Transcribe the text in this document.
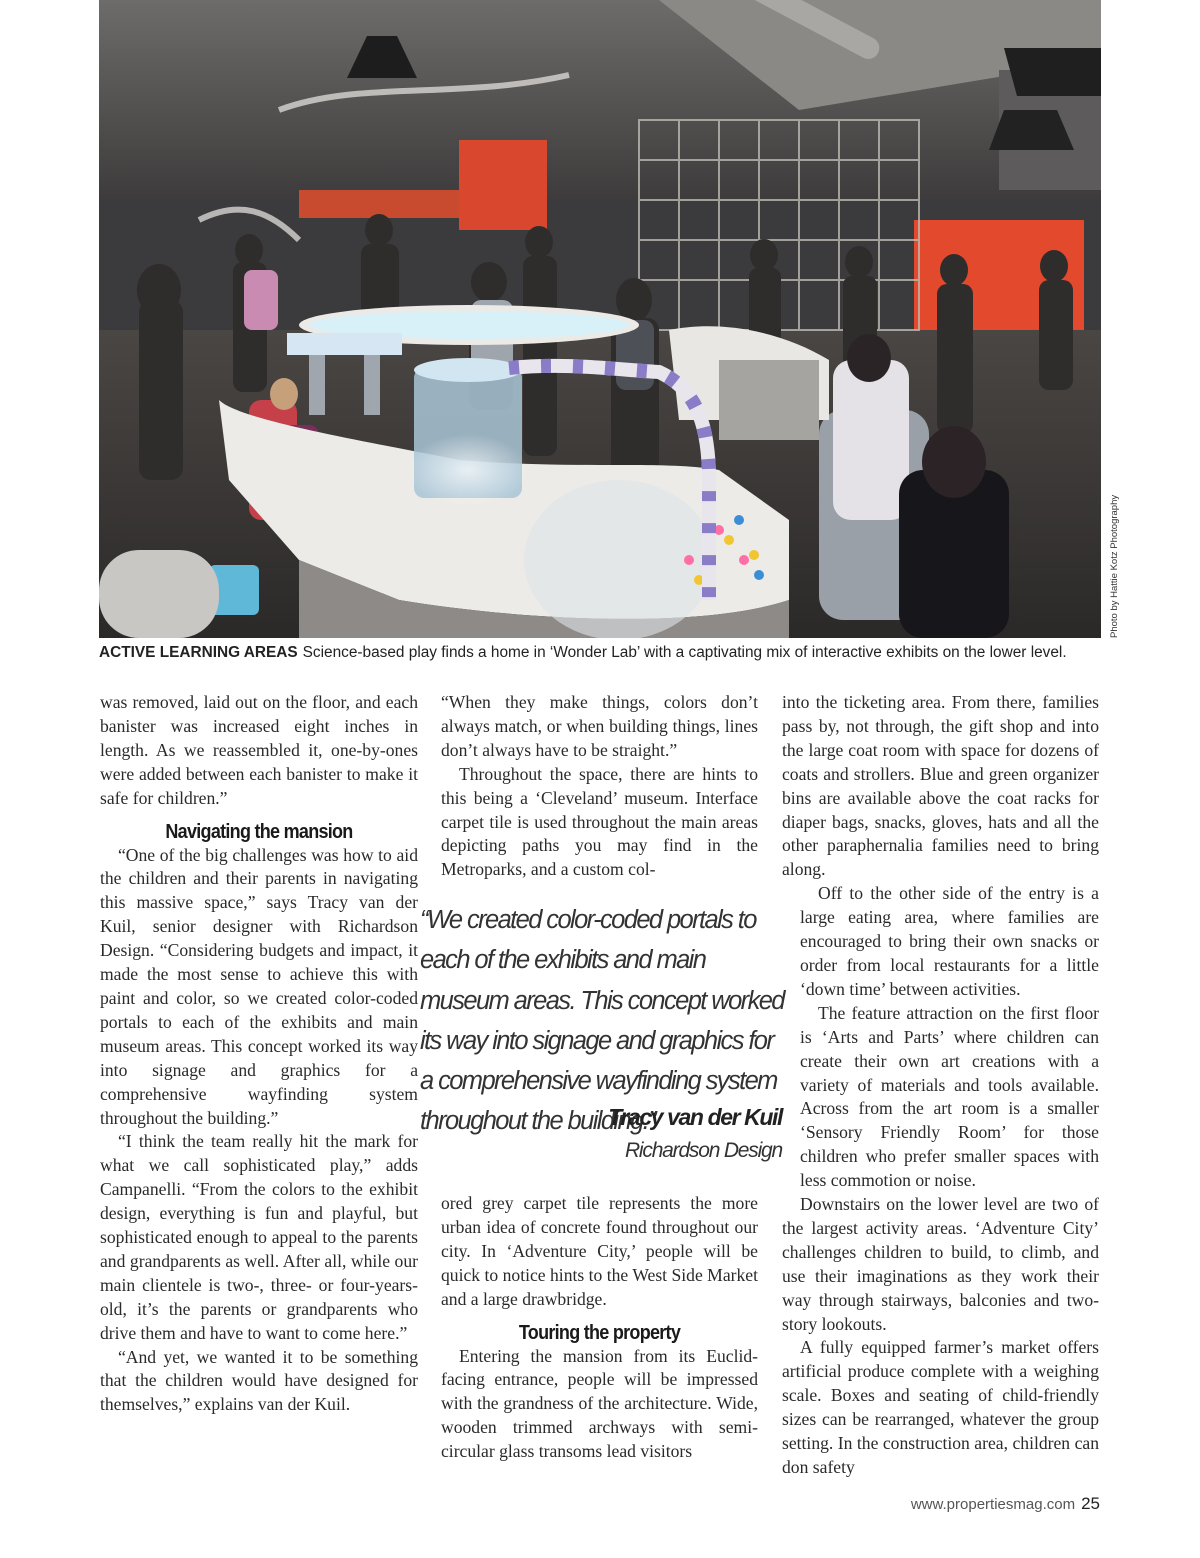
Photo by Hattie Kotz Photography
ACTIVE LEARNING AREAS Science-based play finds a home in ‘Wonder Lab’ with a captivating mix of interactive exhibits on the lower level.

was removed, laid out on the floor, and each banister was increased eight inches in length. As we reassembled it, one-by-ones were added between each banister to make it safe for children.”

Navigating the mansion

“One of the big challenges was how to aid the children and their parents in navigating this massive space,” says Tracy van der Kuil, senior designer with Richardson Design. “Considering budgets and impact, it made the most sense to achieve this with paint and color, so we created color-coded portals to each of the exhibits and main museum areas. This concept worked its way into signage and graphics for a comprehensive wayfinding system throughout the building.”

“I think the team really hit the mark for what we call sophisticated play,” adds Campanelli. “From the colors to the exhibit design, everything is fun and playful, but sophisticated enough to appeal to the parents and grandparents as well. After all, while our main clientele is two-, three- or four-years-old, it’s the parents or grandparents who drive them and have to want to come here.”

“And yet, we wanted it to be something that the children would have designed for themselves,” explains van der Kuil.

“When they make things, colors don’t always match, or when building things, lines don’t always have to be straight.”

Throughout the space, there are hints to this being a ‘Cleveland’ museum. Interface carpet tile is used throughout the main areas depicting paths you may find in the Metroparks, and a custom col-

“We created color-coded portals to each of the exhibits and main museum areas. This concept worked its way into signage and graphics for a comprehensive wayfinding system throughout the building.”
Tracy van der Kuil
Richardson Design

ored grey carpet tile represents the more urban idea of concrete found throughout our city. In ‘Adventure City,’ people will be quick to notice hints to the West Side Market and a large drawbridge.

Touring the property

Entering the mansion from its Euclid-facing entrance, people will be impressed with the grandness of the architecture. Wide, wooden trimmed archways with semi-circular glass transoms lead visitors

into the ticketing area. From there, families pass by, not through, the gift shop and into the large coat room with space for dozens of coats and strollers. Blue and green organizer bins are available above the coat racks for diaper bags, snacks, gloves, hats and all the other paraphernalia families need to bring along.

Off to the other side of the entry is a large eating area, where families are encouraged to bring their own snacks or order from local restaurants for a little ‘down time’ between activities.

The feature attraction on the first floor is ‘Arts and Parts’ where children can create their own art creations with a variety of materials and tools available. Across from the art room is a smaller ‘Sensory Friendly Room’ for those children who prefer smaller spaces with less commotion or noise.

Downstairs on the lower level are two of the largest activity areas. ‘Adventure City’ challenges children to build, to climb, and use their imaginations as they work their way through stairways, balconies and two-story lookouts.

A fully equipped farmer’s market offers artificial produce complete with a weighing scale. Boxes and seating of child-friendly sizes can be rearranged, whatever the group setting. In the construction area, children can don safety

www.propertiesmag.com 25
